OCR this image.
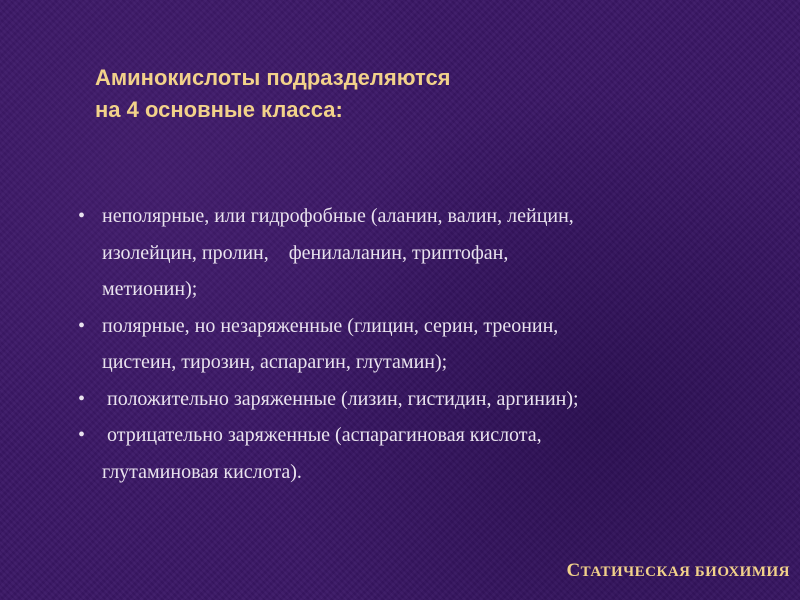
Аминокислоты подразделяются
на 4 основные класса:
• неполярные, или гидрофобные (аланин, валин, лейцин,
изолейцин, пролин,    фенилаланин, триптофан,
метионин);
• полярные, но незаряженные (глицин, серин, треонин,
цистеин, тирозин, аспарагин, глутамин);
• положительно заряженные (лизин, гистидин, аргинин);
• отрицательно заряженные (аспарагиновая кислота,
глутаминовая кислота).
СТАТИЧЕСКАЯ БИОХИМИЯ
